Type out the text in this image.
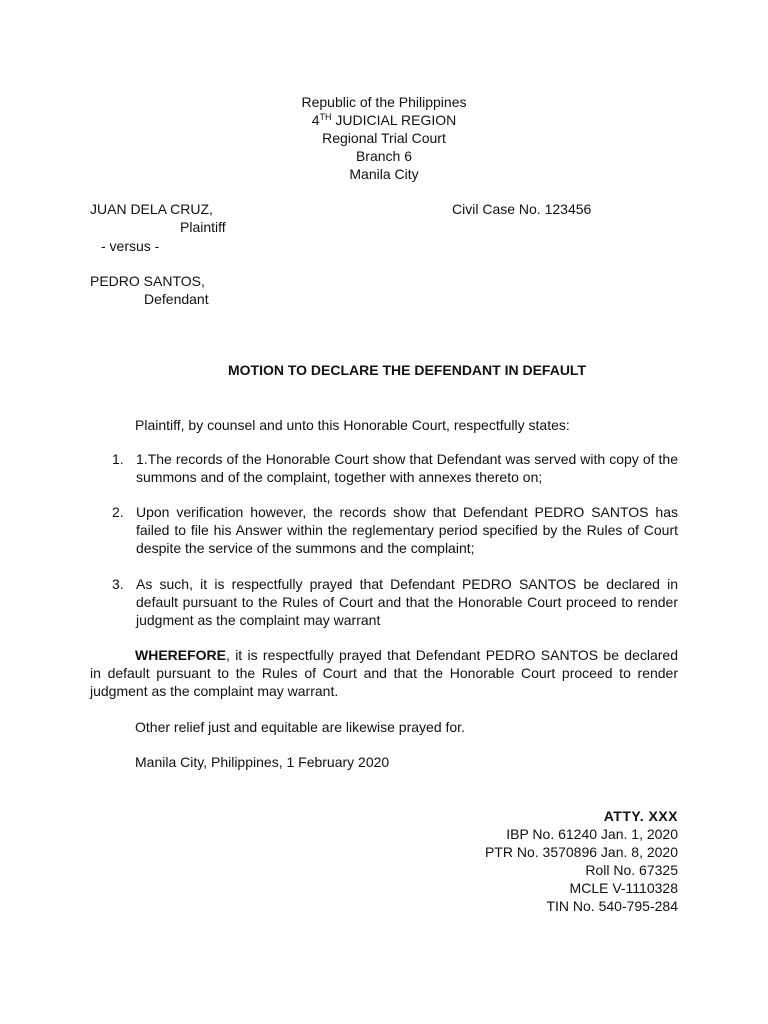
Republic of the Philippines
4TH JUDICIAL REGION
Regional Trial Court
Branch 6
Manila City
JUAN DELA CRUZ,
Plaintiff
- versus -
PEDRO SANTOS,
Defendant
Civil Case No. 123456
MOTION TO DECLARE THE DEFENDANT IN DEFAULT
Plaintiff, by counsel and unto this Honorable Court, respectfully states:
1. 1.The records of the Honorable Court show that Defendant was served with copy of the summons and of the complaint, together with annexes thereto on;
2. Upon verification however, the records show that Defendant PEDRO SANTOS has failed to file his Answer within the reglementary period specified by the Rules of Court despite the service of the summons and the complaint;
3. As such, it is respectfully prayed that Defendant PEDRO SANTOS be declared in default pursuant to the Rules of Court and that the Honorable Court proceed to render judgment as the complaint may warrant
WHEREFORE, it is respectfully prayed that Defendant PEDRO SANTOS be declared in default pursuant to the Rules of Court and that the Honorable Court proceed to render judgment as the complaint may warrant.
Other relief just and equitable are likewise prayed for.
Manila City, Philippines, 1 February 2020
ATTY. XXX
IBP No. 61240 Jan. 1, 2020
PTR No. 3570896 Jan. 8, 2020
Roll No. 67325
MCLE V-1110328
TIN No. 540-795-284
